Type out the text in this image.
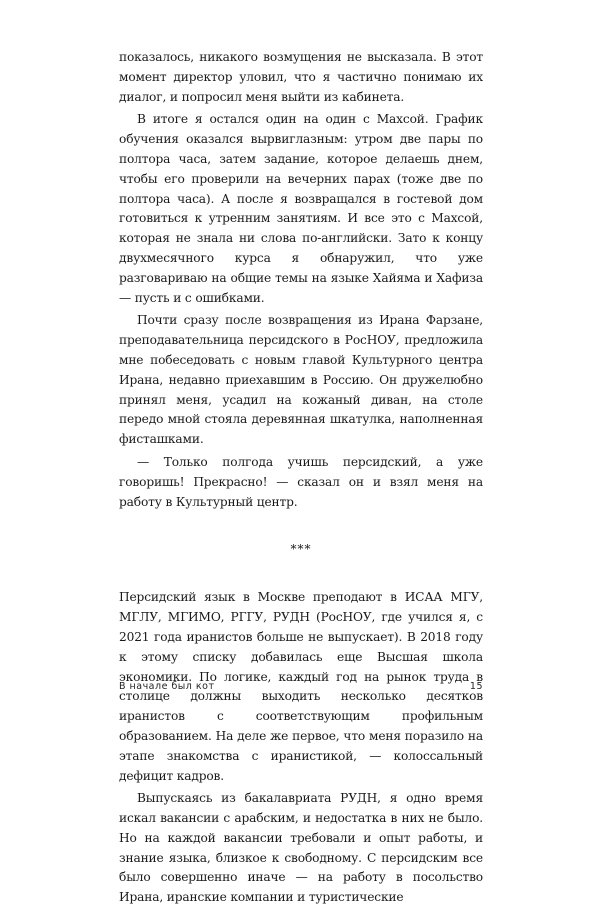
показалось, никакого возмущения не высказала. В этот момент директор уловил, что я частично понимаю их диалог, и попросил меня выйти из кабинета.

В итоге я остался один на один с Махсой. График обучения оказался вырвиглазным: утром две пары по полтора часа, затем задание, которое делаешь днем, чтобы его проверили на вечерних парах (тоже две по полтора часа). А после я возвращался в гостевой дом готовиться к утренним занятиям. И все это с Махсой, которая не знала ни слова по-английски. Зато к концу двухмесячного курса я обнаружил, что уже разговариваю на общие темы на языке Хайяма и Хафиза — пусть и с ошибками.

Почти сразу после возвращения из Ирана Фарзане, преподавательница персидского в РосНОУ, предложила мне побеседовать с новым главой Культурного центра Ирана, недавно приехавшим в Россию. Он дружелюбно принял меня, усадил на кожаный диван, на столе передо мной стояла деревянная шкатулка, наполненная фисташками.

— Только полгода учишь персидский, а уже говоришь! Прекрасно! — сказал он и взял меня на работу в Культурный центр.

***

Персидский язык в Москве преподают в ИСАА МГУ, МГЛУ, МГИМО, РГГУ, РУДН (РосНОУ, где учился я, с 2021 года иранистов больше не выпускает). В 2018 году к этому списку добавилась еще Высшая школа экономики. По логике, каждый год на рынок труда в столице должны выходить несколько десятков иранистов с соответствующим профильным образованием. На деле же первое, что меня поразило на этапе знакомства с иранистикой, — колоссальный дефицит кадров.

Выпускаясь из бакалавриата РУДН, я одно время искал вакансии с арабским, и недостатка в них не было. Но на каждой вакансии требовали и опыт работы, и знание языка, близкое к свободному. С персидским все было совершенно иначе — на работу в посольство Ирана, иранские компании и туристические

В начале был кот	15
